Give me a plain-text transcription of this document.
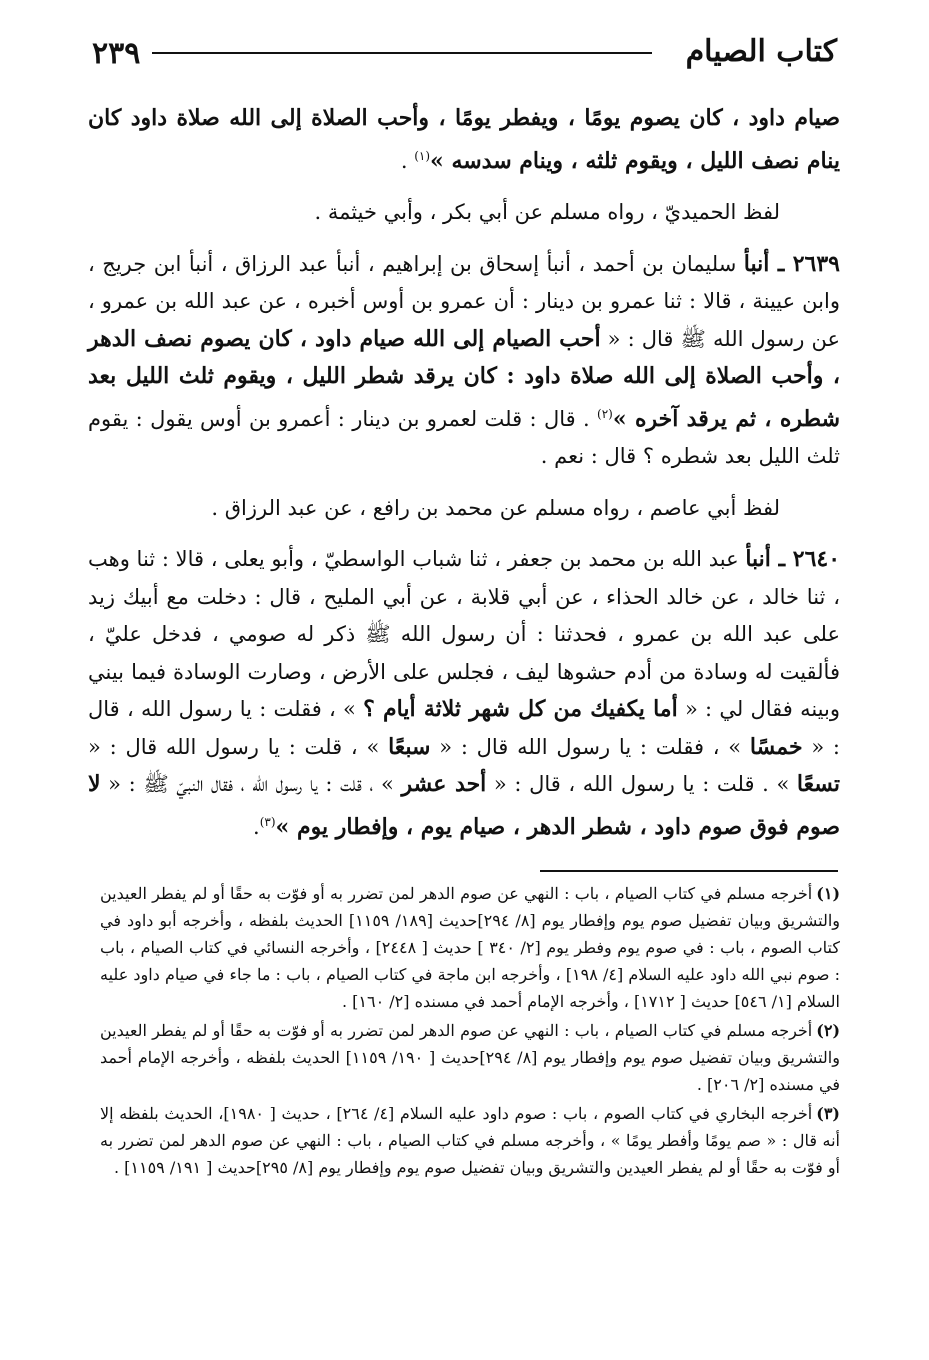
كتاب الصيام
٢٣٩

صيام داود ، كان يصوم يومًا ، ويفطر يومًا ، وأحب الصلاة إلى الله صلاة داود كان ينام نصف الليل ، ويقوم ثلثه ، وينام سدسه »$^{(١)}$ .

لفظ الحميديّ ، رواه مسلم عن أبي بكر ، وأبي خيثمة .

٢٦٣٩ ـ أنبأ سليمان بن أحمد ، أنبأ إسحاق بن إبراهيم ، أنبأ عبد الرزاق ، أنبأ ابن جريج ، وابن عيينة ، قالا : ثنا عمرو بن دينار : أن عمرو بن أوس أخبره ، عن عبد الله بن عمرو ، عن رسول الله ﷺ قال : « أحب الصيام إلى الله صيام داود ، كان يصوم نصف الدهر ، وأحب الصلاة إلى الله صلاة داود : كان يرقد شطر الليل ، ويقوم ثلث الليل بعد شطره ، ثم يرقد آخره »$^{(٢)}$ . قال : قلت لعمرو بن دينار : أعمرو بن أوس يقول : يقوم ثلث الليل بعد شطره ؟ قال : نعم .

لفظ أبي عاصم ، رواه مسلم عن محمد بن رافع ، عن عبد الرزاق .

٢٦٤٠ ـ أنبأ عبد الله بن محمد بن جعفر ، ثنا شباب الواسطيّ ، وأبو يعلى ، قالا : ثنا وهب ، ثنا خالد ، عن خالد الحذاء ، عن أبي قلابة ، عن أبي المليح ، قال : دخلت مع أبيك زيد على عبد الله بن عمرو ، فحدثنا : أن رسول الله ﷺ ذكر له صومي ، فدخل عليّ ، فألقيت له وسادة من أدم حشوها ليف ، فجلس على الأرض ، وصارت الوسادة فيما بيني وبينه فقال لي : « أما يكفيك من كل شهر ثلاثة أيام ؟ » ، فقلت : يا رسول الله ، قال : « خمسًا » ، فقلت : يا رسول الله قال : « سبعًا » ، قلت : يا رسول الله قال : « تسعًا » . قلت : يا رسول الله ، قال : « أحد عشر » ، قلت : يا رسول الله ، فقال النبيّ ﷺ : « لا صوم فوق صوم داود ، شطر الدهر ، صيام يوم ، وإفطار يوم »$^{(٣)}$.

(١)أخرجه مسلم في كتاب الصيام ، باب : النهي عن صوم الدهر لمن تضرر به أو فوّت به حقًا أو لم يفطر العيدين والتشريق وبيان تفضيل صوم يوم وإفطار يوم [٨/ ٢٩٤]حديث [١٨٩/ ١١٥٩] الحديث بلفظه ، وأخرجه أبو داود في كتاب الصوم ، باب : في صوم يوم وفطر يوم [٢/ ٣٤٠ ] حديث [ ٢٤٤٨] ، وأخرجه النسائي في كتاب الصيام ، باب : صوم نبي الله داود عليه السلام [٤/ ١٩٨] ، وأخرجه ابن ماجة في كتاب الصيام ، باب : ما جاء في صيام داود عليه السلام [١/ ٥٤٦] حديث [ ١٧١٢] ، وأخرجه الإمام أحمد في مسنده [٢/ ١٦٠] .

(٢)أخرجه مسلم في كتاب الصيام ، باب : النهي عن صوم الدهر لمن تضرر به أو فوّت به حقًا أو لم يفطر العيدين والتشريق وبيان تفضيل صوم يوم وإفطار يوم [٨/ ٢٩٤]حديث [ ١٩٠/ ١١٥٩] الحديث بلفظه ، وأخرجه الإمام أحمد في مسنده [٢/ ٢٠٦] .

(٣)أخرجه البخاري في كتاب الصوم ، باب : صوم داود عليه السلام [٤/ ٢٦٤] ، حديث [ ١٩٨٠]، الحديث بلفظه إلا أنه قال : « صم يومًا وأفطر يومًا » ، وأخرجه مسلم في كتاب الصيام ، باب : النهي عن صوم الدهر لمن تضرر به أو فوّت به حقًا أو لم يفطر العيدين والتشريق وبيان تفضيل صوم يوم وإفطار يوم [٨/ ٢٩٥]حديث [ ١٩١/ ١١٥٩] .
